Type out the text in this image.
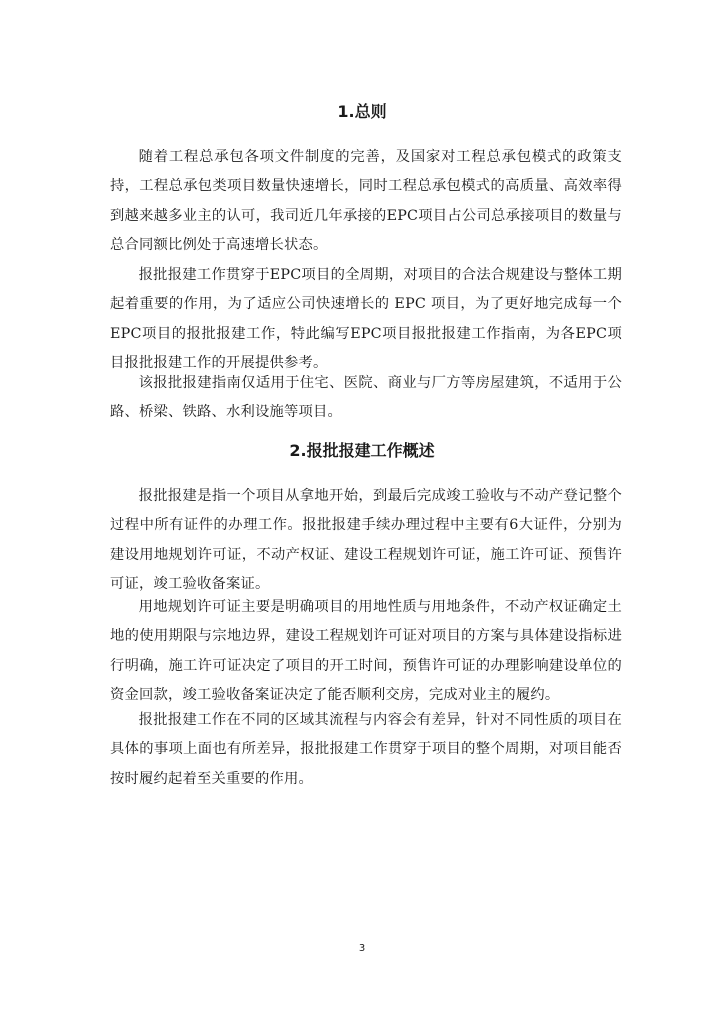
1.总则

随着工程总承包各项文件制度的完善，及国家对工程总承包模式的政策支持，工程总承包类项目数量快速增长，同时工程总承包模式的高质量、高效率得到越来越多业主的认可，我司近几年承接的EPC项目占公司总承接项目的数量与总合同额比例处于高速增长状态。

报批报建工作贯穿于EPC项目的全周期，对项目的合法合规建设与整体工期起着重要的作用，为了适应公司快速增长的 EPC 项目，为了更好地完成每一个EPC项目的报批报建工作，特此编写EPC项目报批报建工作指南，为各EPC项目报批报建工作的开展提供参考。

该报批报建指南仅适用于住宅、医院、商业与厂方等房屋建筑，不适用于公路、桥梁、铁路、水利设施等项目。

2.报批报建工作概述

报批报建是指一个项目从拿地开始，到最后完成竣工验收与不动产登记整个过程中所有证件的办理工作。报批报建手续办理过程中主要有6大证件，分别为建设用地规划许可证，不动产权证、建设工程规划许可证，施工许可证、预售许可证，竣工验收备案证。

用地规划许可证主要是明确项目的用地性质与用地条件，不动产权证确定土地的使用期限与宗地边界，建设工程规划许可证对项目的方案与具体建设指标进行明确，施工许可证决定了项目的开工时间，预售许可证的办理影响建设单位的资金回款，竣工验收备案证决定了能否顺利交房，完成对业主的履约。

报批报建工作在不同的区域其流程与内容会有差异，针对不同性质的项目在具体的事项上面也有所差异，报批报建工作贯穿于项目的整个周期，对项目能否按时履约起着至关重要的作用。

3
